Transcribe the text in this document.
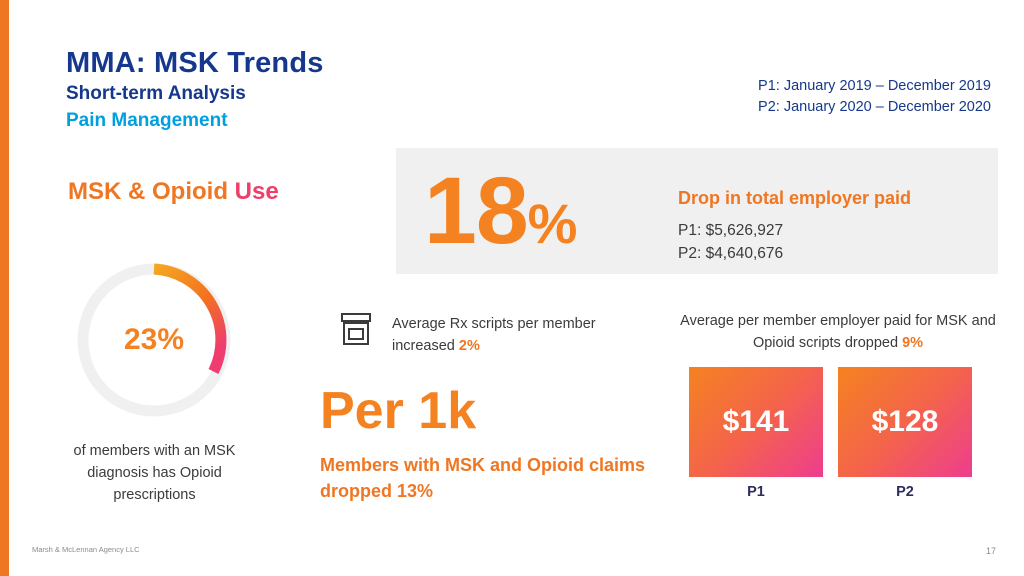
MMA: MSK Trends
Short-term Analysis
Pain Management
P1: January 2019 – December 2019
P2: January 2020 – December 2020
MSK & Opioid Use 18%	Drop in total employer paid
P1: $5,626,927
P2: $4,640,676
23%
of members with an MSK diagnosis has Opioid prescriptions
Average Rx scripts per member increased 2%
Per 1k
Members with MSK and Opioid claims dropped 13%
Average per member employer paid for MSK and Opioid scripts dropped 9%
$141	$128
P1	P2
Marsh & McLennan Agency LLC	17
